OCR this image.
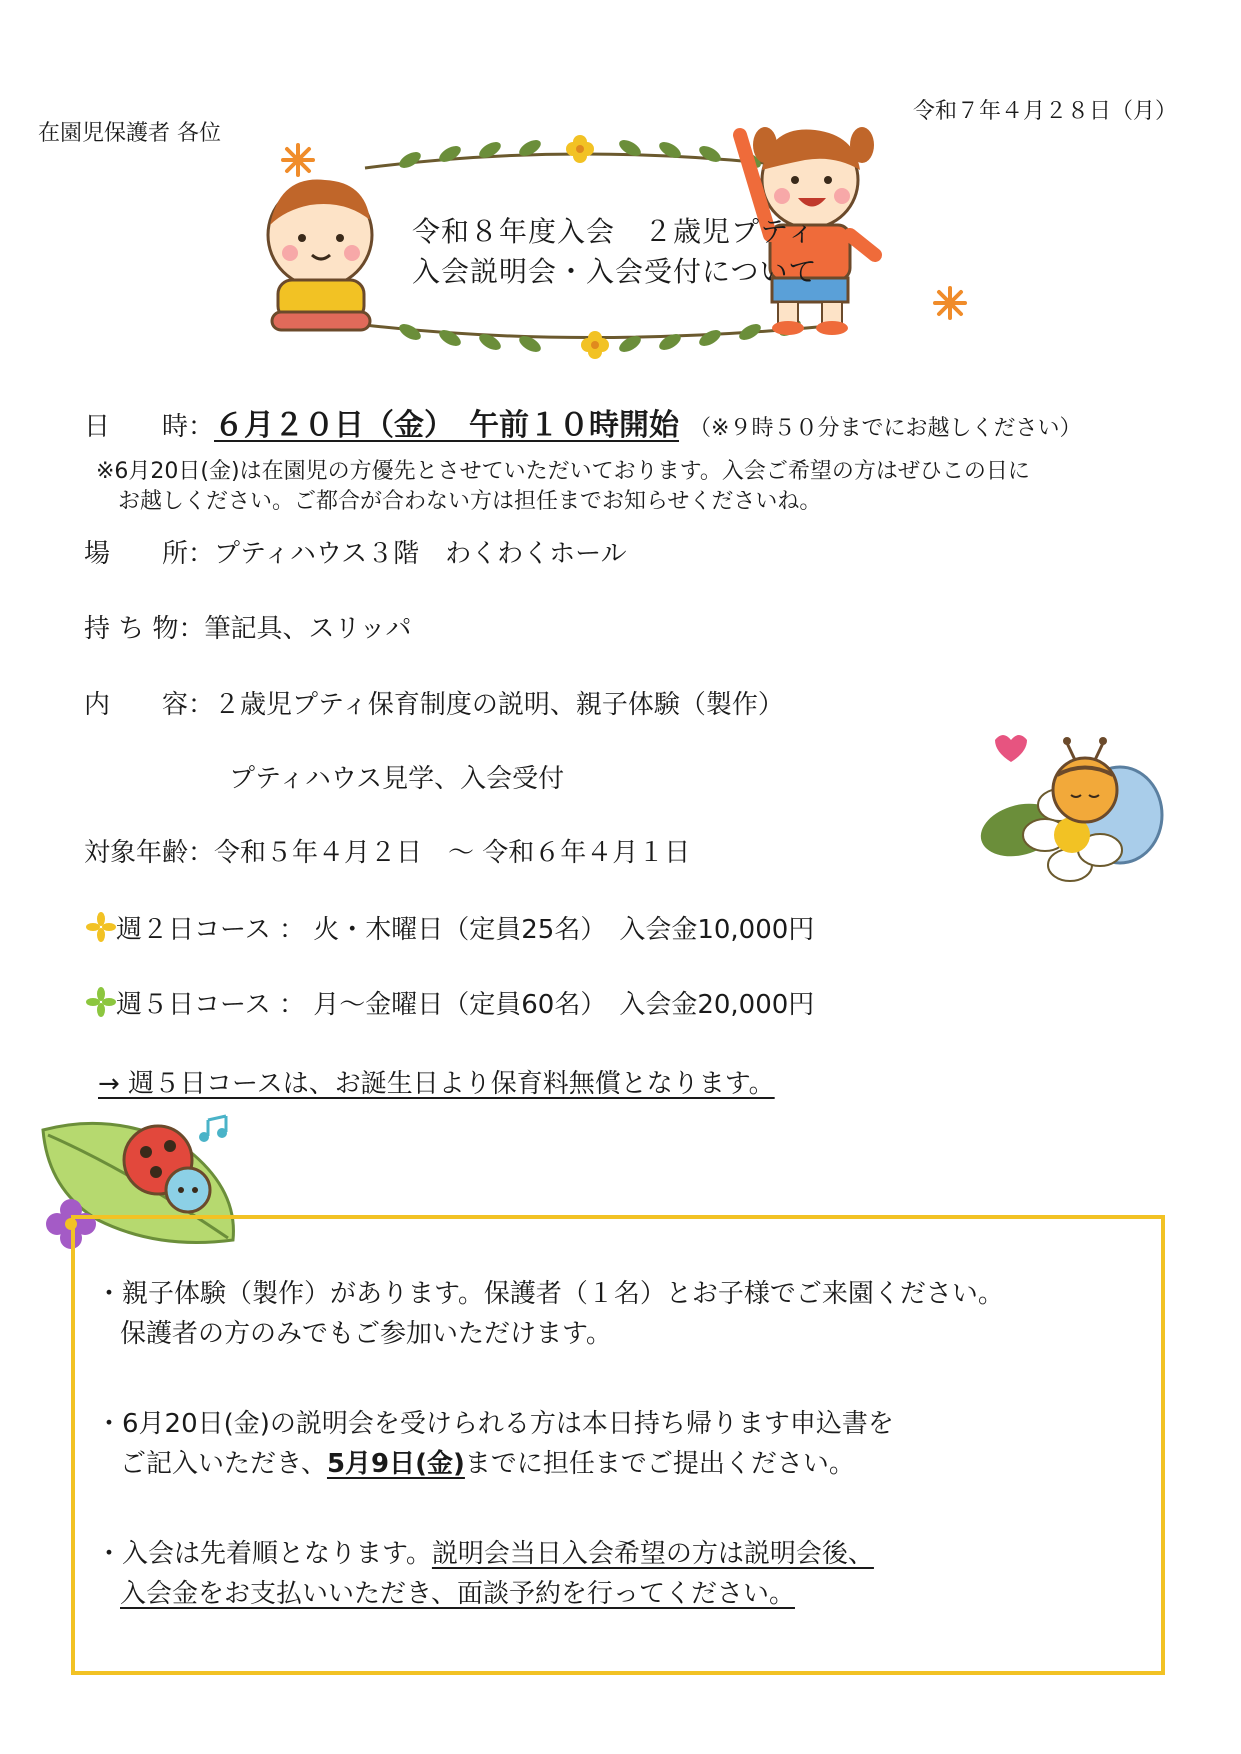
在園児保護者 各位
令和７年４月２８日（月）
令和８年度入会　２歳児プティ
入会説明会・入会受付について
日　　時：６月２０日（金）　午前１０時開始 （※９時５０分までにお越しください）
※6月20日(金)は在園児の方優先とさせていただいております。入会ご希望の方はぜひこの日に
お越しください。ご都合が合わない方は担任までお知らせくださいね。
場　　所：プティハウス３階　わくわくホール
持 ち 物：筆記具、スリッパ
内　　容：２歳児プティ保育制度の説明、親子体験（製作）
プティハウス見学、入会受付
対象年齢：令和５年４月２日　～ 令和６年４月１日
週２日コース ： 火・木曜日（定員25名）　入会金10,000円
週５日コース ： 月～金曜日（定員60名）　入会金20,000円
→ 週５日コースは、お誕生日より保育料無償となります。
・親子体験（製作）があります。保護者（１名）とお子様でご来園ください。
保護者の方のみでもご参加いただけます。
・6月20日(金)の説明会を受けられる方は本日持ち帰ります申込書を
ご記入いただき、5月9日(金)までに担任までご提出ください。
・入会は先着順となります。説明会当日入会希望の方は説明会後、
入会金をお支払いいただき、面談予約を行ってください。
